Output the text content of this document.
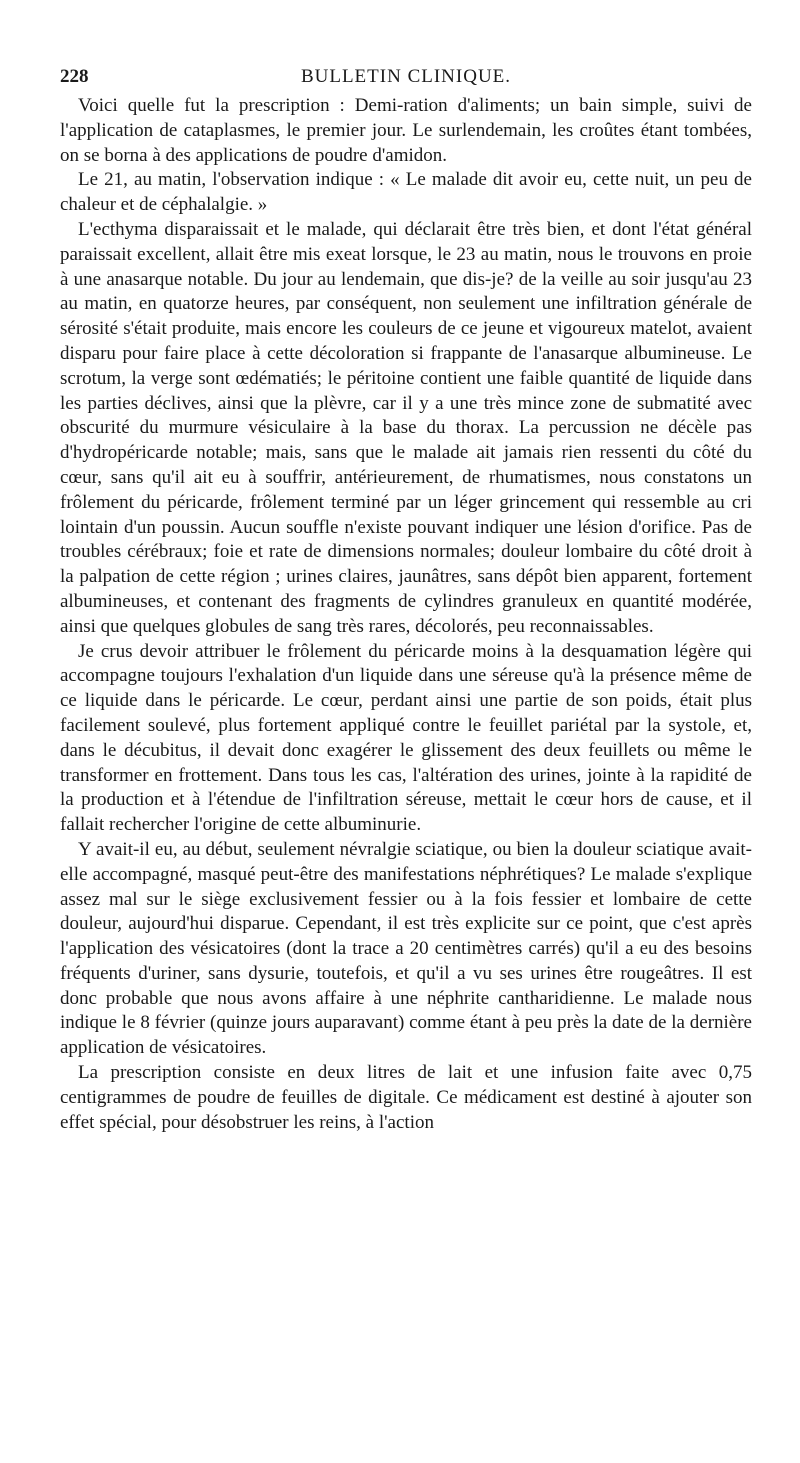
228	BULLETIN CLINIQUE.

Voici quelle fut la prescription : Demi-ration d'aliments; un bain simple, suivi de l'application de cataplasmes, le premier jour. Le surlendemain, les croûtes étant tombées, on se borna à des applications de poudre d'amidon.

Le 21, au matin, l'observation indique : « Le malade dit avoir eu, cette nuit, un peu de chaleur et de céphalalgie. »

L'ecthyma disparaissait et le malade, qui déclarait être très bien, et dont l'état général paraissait excellent, allait être mis exeat lorsque, le 23 au matin, nous le trouvons en proie à une anasarque notable. Du jour au lendemain, que dis-je? de la veille au soir jusqu'au 23 au matin, en quatorze heures, par conséquent, non seulement une infiltration générale de sérosité s'était produite, mais encore les couleurs de ce jeune et vigoureux matelot, avaient disparu pour faire place à cette décoloration si frappante de l'anasarque albumineuse. Le scrotum, la verge sont œdématiés; le péritoine contient une faible quantité de liquide dans les parties déclives, ainsi que la plèvre, car il y a une très mince zone de submatité avec obscurité du murmure vésiculaire à la base du thorax. La percussion ne décèle pas d'hydropéricarde notable; mais, sans que le malade ait jamais rien ressenti du côté du cœur, sans qu'il ait eu à souffrir, antérieurement, de rhumatismes, nous constatons un frôlement du péricarde, frôlement terminé par un léger grincement qui ressemble au cri lointain d'un poussin. Aucun souffle n'existe pouvant indiquer une lésion d'orifice. Pas de troubles cérébraux; foie et rate de dimensions normales; douleur lombaire du côté droit à la palpation de cette région ; urines claires, jaunâtres, sans dépôt bien apparent, fortement albumineuses, et contenant des fragments de cylindres granuleux en quantité modérée, ainsi que quelques globules de sang très rares, décolorés, peu reconnaissables.

Je crus devoir attribuer le frôlement du péricarde moins à la desquamation légère qui accompagne toujours l'exhalation d'un liquide dans une séreuse qu'à la présence même de ce liquide dans le péricarde. Le cœur, perdant ainsi une partie de son poids, était plus facilement soulevé, plus fortement appliqué contre le feuillet pariétal par la systole, et, dans le décubitus, il devait donc exagérer le glissement des deux feuillets ou même le transformer en frottement. Dans tous les cas, l'altération des urines, jointe à la rapidité de la production et à l'étendue de l'infiltration séreuse, mettait le cœur hors de cause, et il fallait rechercher l'origine de cette albuminurie.

Y avait-il eu, au début, seulement névralgie sciatique, ou bien la douleur sciatique avait-elle accompagné, masqué peut-être des manifestations néphrétiques? Le malade s'explique assez mal sur le siège exclusivement fessier ou à la fois fessier et lombaire de cette douleur, aujourd'hui disparue. Cependant, il est très explicite sur ce point, que c'est après l'application des vésicatoires (dont la trace a 20 centimètres carrés) qu'il a eu des besoins fréquents d'uriner, sans dysurie, toutefois, et qu'il a vu ses urines être rougeâtres. Il est donc probable que nous avons affaire à une néphrite cantharidienne. Le malade nous indique le 8 février (quinze jours auparavant) comme étant à peu près la date de la dernière application de vésicatoires.

La prescription consiste en deux litres de lait et une infusion faite avec 0,75 centigrammes de poudre de feuilles de digitale. Ce médicament est destiné à ajouter son effet spécial, pour désobstruer les reins, à l'action
